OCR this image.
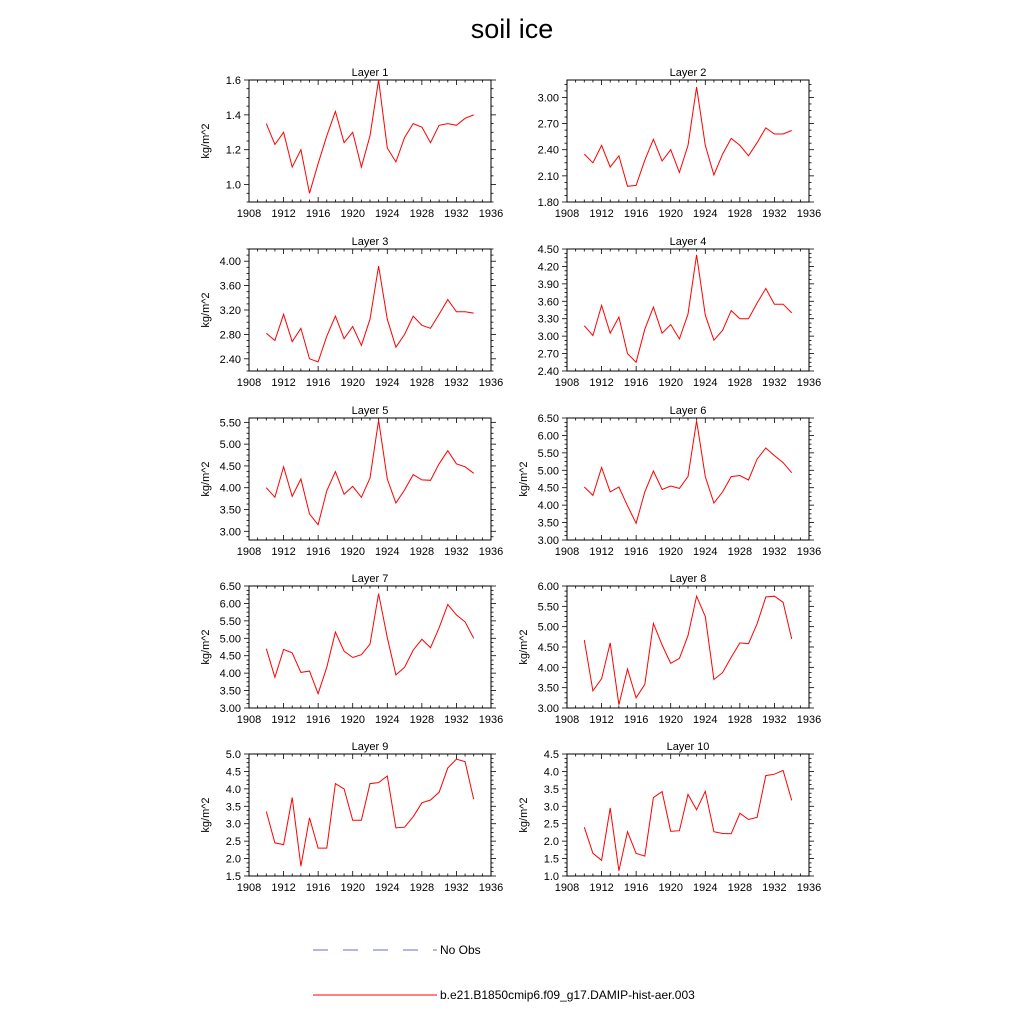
soil ice
Layer 1
1908 1912 1916 1920 1924 1928 1932 1936
1.0
1.2
1.4
1.6
kg/m^2
Layer 2
1908 1912 1916 1920 1924 1928 1932 1936
1.80
2.10
2.40
2.70
3.00
Layer 3
1908 1912 1916 1920 1924 1928 1932 1936
2.40
2.80
3.20
3.60
4.00
kg/m^2
Layer 4
1908 1912 1916 1920 1924 1928 1932 1936
2.40
2.70
3.00
3.30
3.60
3.90
4.20
4.50
Layer 5
1908 1912 1916 1920 1924 1928 1932 1936
3.00
3.50
4.00
4.50
5.00
5.50
kg/m^2
Layer 6
1908 1912 1916 1920 1924 1928 1932 1936
3.00
3.50
4.00
4.50
5.00
5.50
6.00
6.50
kg/m^2
Layer 7
1908 1912 1916 1920 1924 1928 1932 1936
3.00
3.50
4.00
4.50
5.00
5.50
6.00
6.50
kg/m^2
Layer 8
1908 1912 1916 1920 1924 1928 1932 1936
3.00
3.50
4.00
4.50
5.00
5.50
6.00
kg/m^2
Layer 9
1908 1912 1916 1920 1924 1928 1932 1936
1.5
2.0
2.5
3.0
3.5
4.0
4.5
5.0
kg/m^2
Layer 10
1908 1912 1916 1920 1924 1928 1932 1936
1.0
1.5
2.0
2.5
3.0
3.5
4.0
4.5
kg/m^2
No Obs
b.e21.B1850cmip6.f09_g17.DAMIP-hist-aer.003
